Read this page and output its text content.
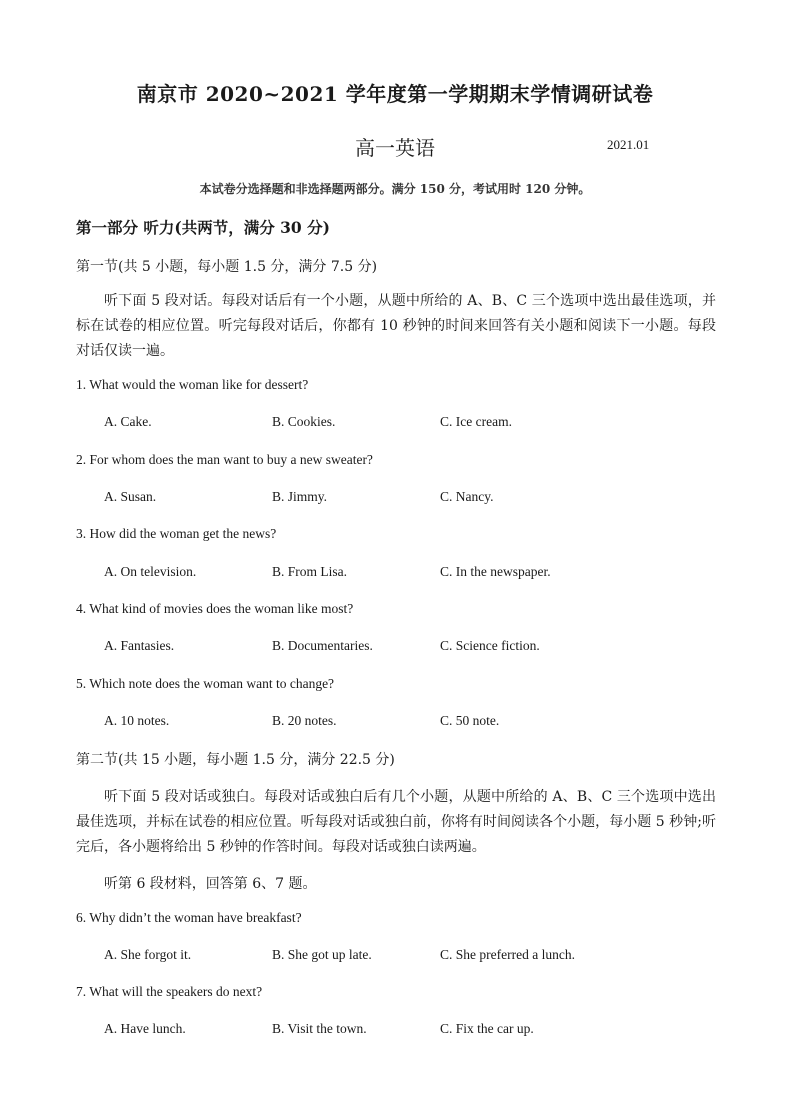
南京市 2020~2021 学年度第一学期期末学情调研试卷
高一英语	2021.01
本试卷分选择题和非选择题两部分。满分 150 分，考试用时 120 分钟。
第一部分 听力(共两节，满分 30 分)
第一节(共 5 小题，每小题 1.5 分，满分 7.5 分)
听下面 5 段对话。每段对话后有一个小题，从题中所给的 A、B、C 三个选项中选出最佳选项，并标在试卷的相应位置。听完每段对话后，你都有 10 秒钟的时间来回答有关小题和阅读下一小题。每段对话仅读一遍。
1. What would the woman like for dessert?
A. Cake.	B. Cookies.	C. Ice cream.
2. For whom does the man want to buy a new sweater?
A. Susan.	B. Jimmy.	C. Nancy.
3. How did the woman get the news?
A. On television.	B. From Lisa.	C. In the newspaper.
4. What kind of movies does the woman like most?
A. Fantasies.	B. Documentaries.	C. Science fiction.
5. Which note does the woman want to change?
A. 10 notes.	B. 20 notes.	C. 50 note.
第二节(共 15 小题，每小题 1.5 分，满分 22.5 分)
听下面 5 段对话或独白。每段对话或独白后有几个小题，从题中所给的 A、B、C 三个选项中选出最佳选项，并标在试卷的相应位置。听每段对话或独白前，你将有时间阅读各个小题，每小题 5 秒钟;听完后，各小题将给出 5 秒钟的作答时间。每段对话或独白读两遍。
听第 6 段材料，回答第 6、7 题。
6. Why didn’t the woman have breakfast?
A. She forgot it.	B. She got up late.	C. She preferred a lunch.
7. What will the speakers do next?
A. Have lunch.	B. Visit the town.	C. Fix the car up.
